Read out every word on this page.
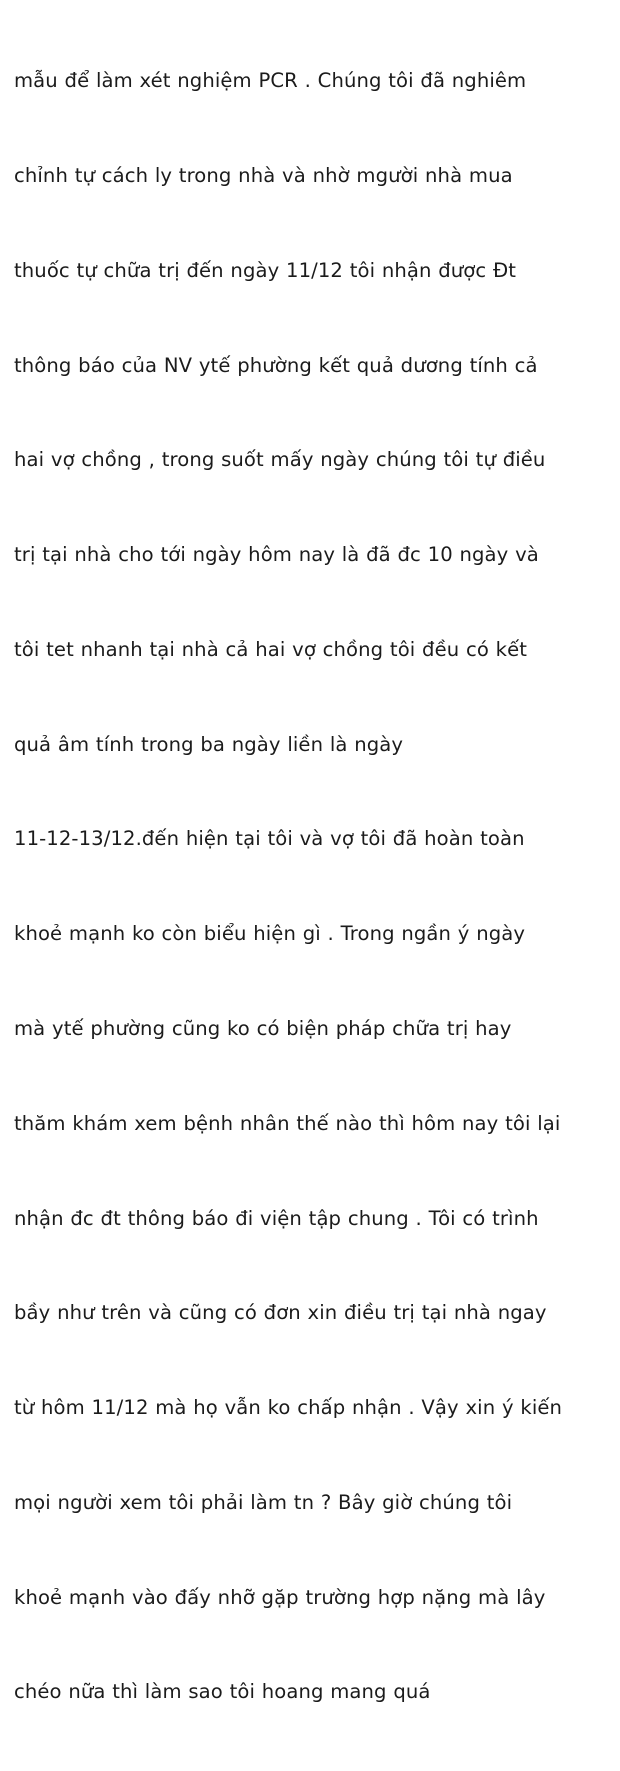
mẫu để làm xét nghiệm PCR . Chúng tôi đã nghiêm

chỉnh tự cách ly trong nhà và nhờ mgười nhà mua

thuốc tự chữa trị đến ngày 11/12 tôi nhận được Đt

thông báo của NV ytế phường kết quả dương tính cả

hai vợ chồng , trong suốt mấy ngày chúng tôi tự điều

trị tại nhà cho tới ngày hôm nay là đã đc 10 ngày và

tôi tet nhanh tại nhà cả hai vợ chồng tôi đều có kết

quả âm tính trong ba ngày liền là ngày

11-12-13/12.đến hiện tại tôi và vợ tôi đã hoàn toàn

khoẻ mạnh ko còn biểu hiện gì . Trong ngần ý ngày

mà ytế phường cũng ko có biện pháp chữa trị hay

thăm khám xem bệnh nhân thế nào thì hôm nay tôi lại

nhận đc đt thông báo đi viện tập chung . Tôi có trình

bầy như trên và cũng có đơn xin điều trị tại nhà ngay

từ hôm 11/12 mà họ vẫn ko chấp nhận . Vậy xin ý kiến

mọi người xem tôi phải làm tn ? Bây giờ chúng tôi

khoẻ mạnh vào đấy nhỡ gặp trường hợp nặng mà lây

chéo nữa thì làm sao tôi hoang mang quá
